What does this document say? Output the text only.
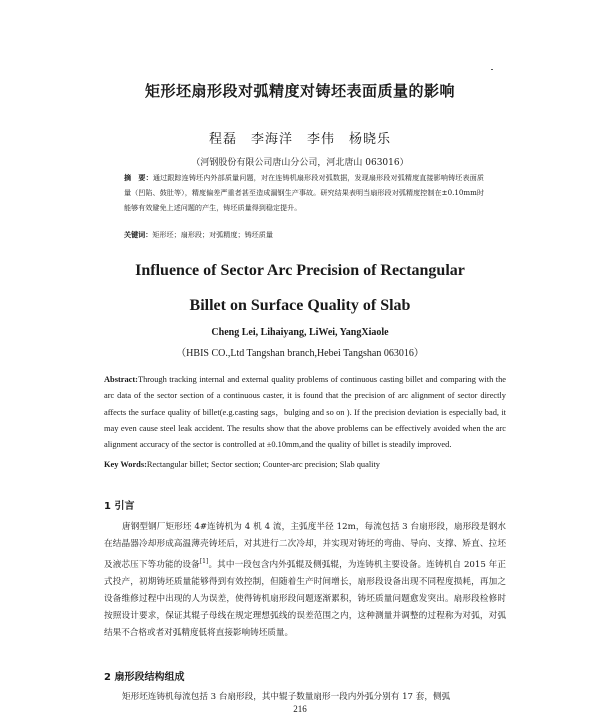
矩形坯扇形段对弧精度对铸坯表面质量的影响
程磊　李海洋　李伟　杨晓乐
（河钢股份有限公司唐山分公司，河北唐山 063016）
摘　要：通过跟踪连铸坯内外部质量问题，对在连铸机扇形段对弧数据，发现扇形段对弧精度直接影响铸坯表面质量（凹陷、鼓肚等），精度偏差严重者甚至造成漏钢生产事故。研究结果表明当扇形段对弧精度控制在±0.10mm时能够有效避免上述问题的产生，铸坯质量得到稳定提升。
关键词：矩形坯；扇形段；对弧精度；铸坯质量
Influence of Sector Arc Precision of Rectangular
Billet on Surface Quality of Slab
Cheng Lei, Lihaiyang, LiWei, YangXiaole
（HBIS CO.,Ltd Tangshan branch,Hebei Tangshan 063016）
Abstract:Through tracking internal and external quality problems of continuous casting billet and comparing with the arc data of the sector section of a continuous caster, it is found that the precision of arc alignment of sector directly affects the surface quality of billet(e.g.casting sags，bulging and so on ). If the precision deviation is especially bad, it may even cause steel leak accident. The results show that the above problems can be effectively avoided when the arc alignment accuracy of the sector is controlled at ±0.10mm,and the quality of billet is steadily improved.
Key Words:Rectangular billet; Sector section; Counter-arc precision; Slab quality
1 引言
唐钢型钢厂矩形坯 4#连铸机为 4 机 4 流，主弧度半径 12m，每流包括 3 台扇形段，扇形段是钢水在结晶器冷却形成高温薄壳铸坯后，对其进行二次冷却，并实现对铸坯的弯曲、导向、支撑、矫直、拉坯及液芯压下等功能的设备[1]。其中一段包含内外弧辊及侧弧辊，为连铸机主要设备。连铸机自 2015 年正式投产，初期铸坯质量能够得到有效控制，但随着生产时间增长，扇形段设备出现不同程度损耗，再加之设备维修过程中出现的人为误差，使得铸机扇形段问题逐渐累积，铸坯质量问题愈发突出。扇形段检修时按照设计要求，保证其辊子母线在规定理想弧线的误差范围之内，这种测量并调整的过程称为对弧，对弧结果不合格或者对弧精度低将直接影响铸坯质量。
2 扇形段结构组成
矩形坯连铸机每流包括 3 台扇形段，其中辊子数量扇形一段内外弧分别有 17 套，侧弧
216
